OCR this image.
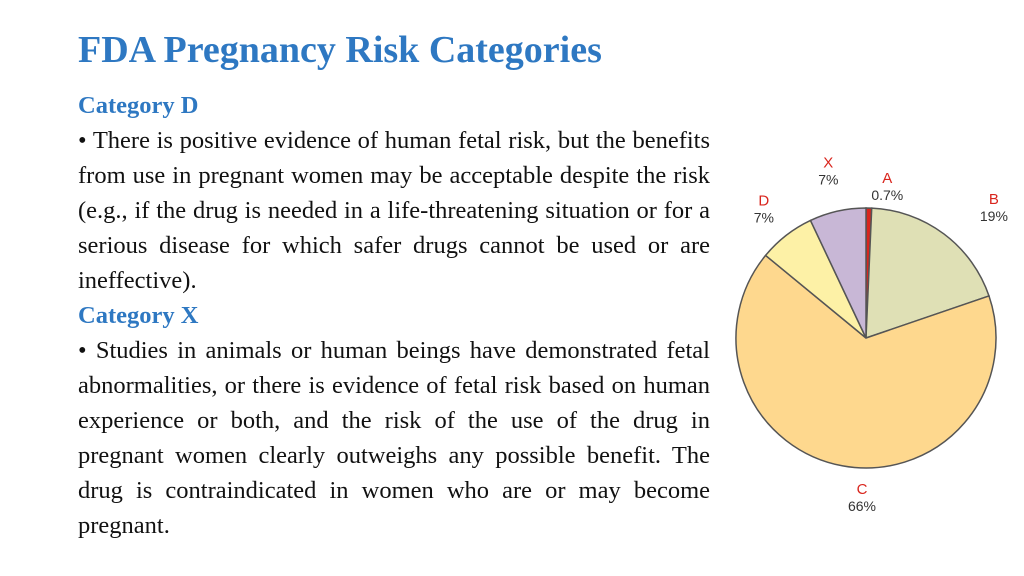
FDA Pregnancy Risk Categories
Category D
• There is positive evidence of human fetal risk, but the benefits from use in pregnant women may be acceptable despite the risk (e.g., if the drug is needed in a life-threatening situation or for a serious disease for which safer drugs cannot be used or are ineffective).
Category X
• Studies in animals or human beings have demonstrated fetal abnormalities, or there is evidence of fetal risk based on human experience or both, and the risk of the use of the drug in pregnant women clearly outweighs any possible benefit. The drug is contraindicated in women who are or may become pregnant.
A
0.7%	B
19%
C
66%
D
7%
X
7%
